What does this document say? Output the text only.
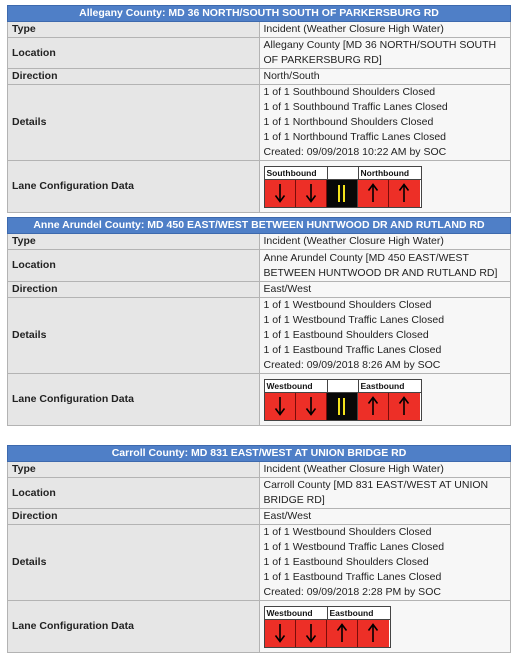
Allegany County: MD 36 NORTH/SOUTH SOUTH OF PARKERSBURG RD	
Type	Incident (Weather Closure High Water)
Location	Allegany County [MD 36 NORTH/SOUTH SOUTH OF PARKERSBURG RD]
Direction	North/South
Details	1 of 1 Southbound Shoulders Closed
1 of 1 Southbound Traffic Lanes Closed
1 of 1 Northbound Shoulders Closed
1 of 1 Northbound Traffic Lanes Closed
Created: 09/09/2018 10:22 AM by SOC

Lane Configuration Data	Southbound Northbound
Anne Arundel County: MD 450 EAST/WEST BETWEEN HUNTWOOD DR AND RUTLAND RD	
Type	Incident (Weather Closure High Water)
Location	Anne Arundel County [MD 450 EAST/WEST BETWEEN HUNTWOOD DR AND RUTLAND RD]
Direction	East/West
Details	1 of 1 Westbound Shoulders Closed
1 of 1 Westbound Traffic Lanes Closed
1 of 1 Eastbound Shoulders Closed
1 of 1 Eastbound Traffic Lanes Closed
Created: 09/09/2018 8:26 AM by SOC

Lane Configuration Data	Westbound Eastbound
Carroll County: MD 831 EAST/WEST AT UNION BRIDGE RD	
Type	Incident (Weather Closure High Water)
Location	Carroll County [MD 831 EAST/WEST AT UNION BRIDGE RD]
Direction	East/West
Details	1 of 1 Westbound Shoulders Closed
1 of 1 Westbound Traffic Lanes Closed
1 of 1 Eastbound Shoulders Closed
1 of 1 Eastbound Traffic Lanes Closed
Created: 09/09/2018 2:28 PM by SOC

Lane Configuration Data	Westbound Eastbound
